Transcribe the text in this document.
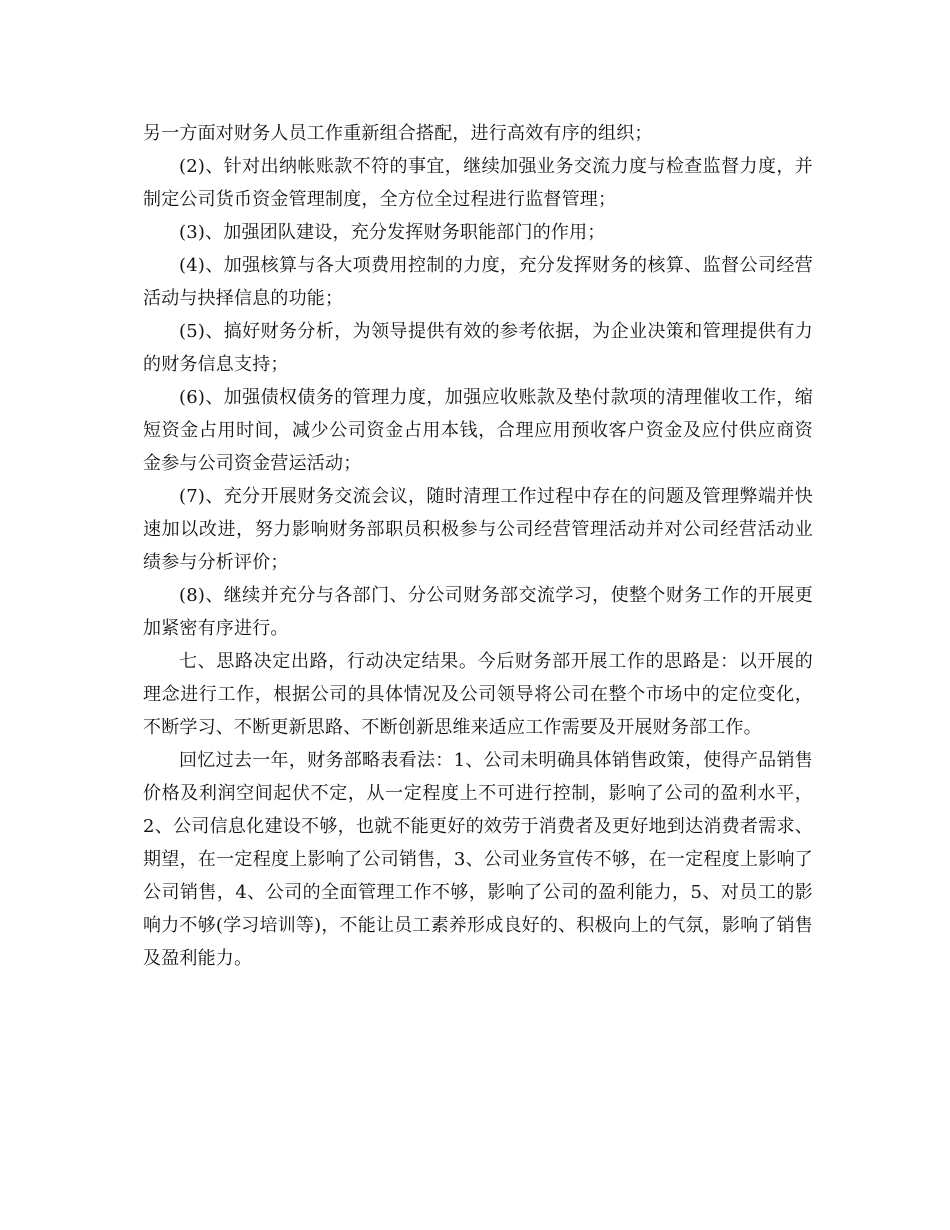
另一方面对财务人员工作重新组合搭配，进行高效有序的组织；

(2)、针对出纳帐账款不符的事宜，继续加强业务交流力度与检查监督力度，并制定公司货币资金管理制度，全方位全过程进行监督管理；

(3)、加强团队建设，充分发挥财务职能部门的作用；

(4)、加强核算与各大项费用控制的力度，充分发挥财务的核算、监督公司经营活动与抉择信息的功能；

(5)、搞好财务分析，为领导提供有效的参考依据，为企业决策和管理提供有力的财务信息支持；

(6)、加强债权债务的管理力度，加强应收账款及垫付款项的清理催收工作，缩短资金占用时间，减少公司资金占用本钱，合理应用预收客户资金及应付供应商资金参与公司资金营运活动；

(7)、充分开展财务交流会议，随时清理工作过程中存在的问题及管理弊端并快速加以改进，努力影响财务部职员积极参与公司经营管理活动并对公司经营活动业绩参与分析评价；

(8)、继续并充分与各部门、分公司财务部交流学习，使整个财务工作的开展更加紧密有序进行。

七、思路决定出路，行动决定结果。今后财务部开展工作的思路是：以开展的理念进行工作，根据公司的具体情况及公司领导将公司在整个市场中的定位变化，不断学习、不断更新思路、不断创新思维来适应工作需要及开展财务部工作。

回忆过去一年，财务部略表看法：1、公司未明确具体销售政策，使得产品销售价格及利润空间起伏不定，从一定程度上不可进行控制，影响了公司的盈利水平，2、公司信息化建设不够，也就不能更好的效劳于消费者及更好地到达消费者需求、期望，在一定程度上影响了公司销售，3、公司业务宣传不够，在一定程度上影响了公司销售，4、公司的全面管理工作不够，影响了公司的盈利能力，5、对员工的影响力不够(学习培训等)，不能让员工素养形成良好的、积极向上的气氛，影响了销售及盈利能力。
